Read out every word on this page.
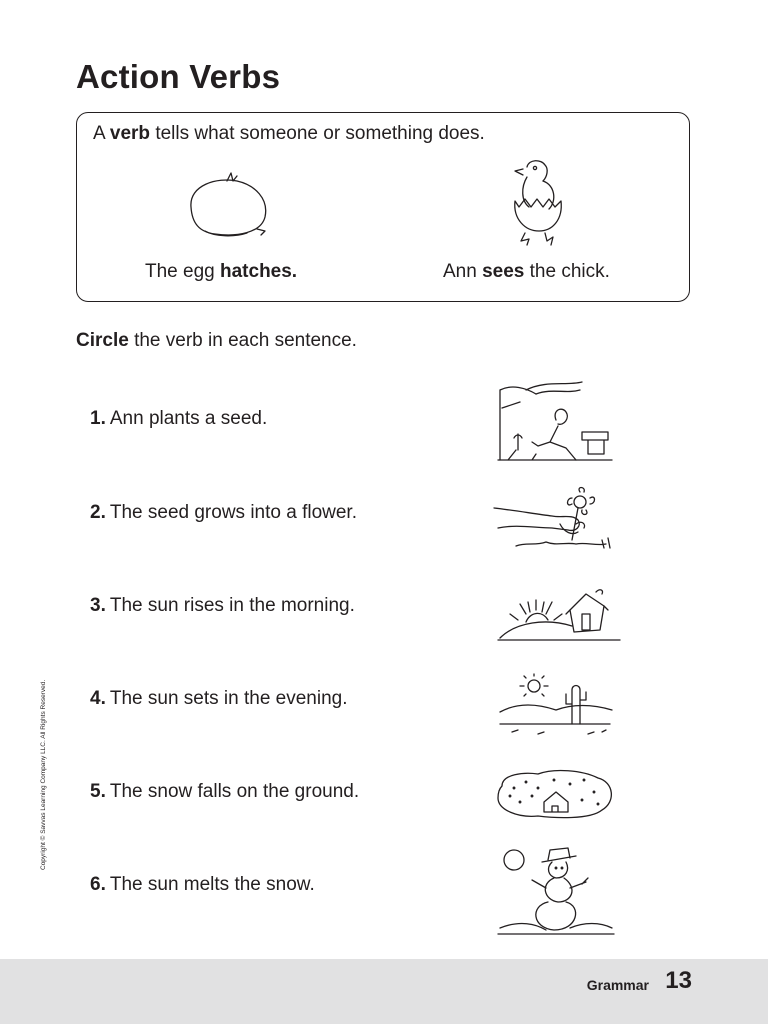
Action Verbs
A verb tells what someone or something does.
The egg hatches.	Ann sees the chick.
Circle the verb in each sentence.
1. Ann plants a seed.
2. The seed grows into a flower.
3. The sun rises in the morning.
4. The sun sets in the evening.
5. The snow falls on the ground.
6. The sun melts the snow.
Copyright © Savvas Learning Company LLC. All Rights Reserved.
Grammar 13
